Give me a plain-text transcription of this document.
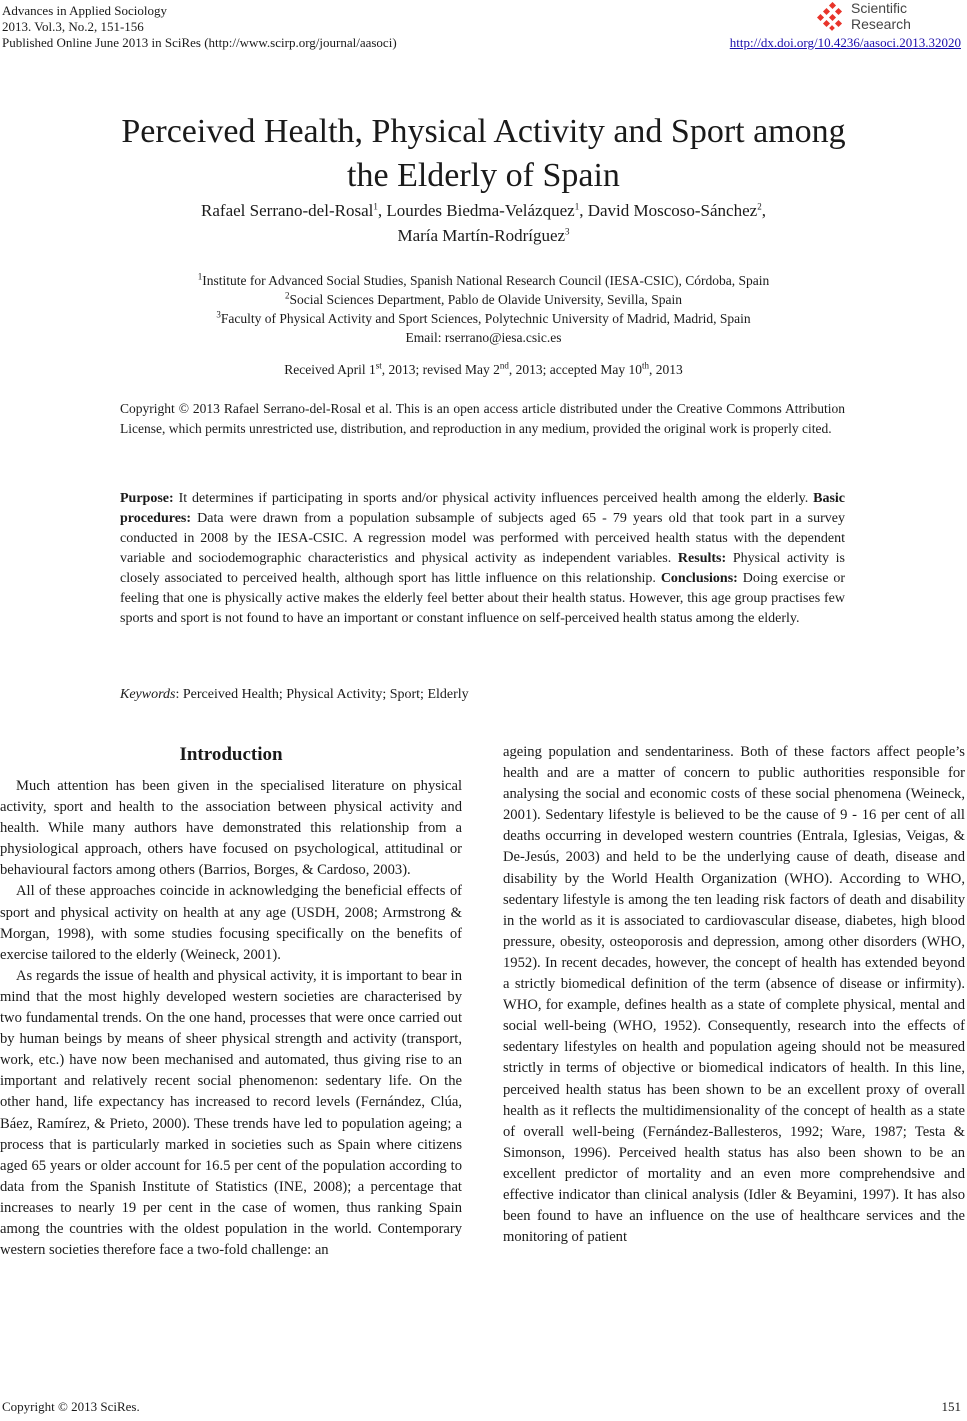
Advances in Applied Sociology
2013. Vol.3, No.2, 151-156
Published Online June 2013 in SciRes (http://www.scirp.org/journal/aasoci)	http://dx.doi.org/10.4236/aasoci.2013.32020
Scientific
Research
Perceived Health, Physical Activity and Sport among
the Elderly of Spain
Rafael Serrano-del-Rosal$^1$, Lourdes Biedma-Velázquez$^1$, David Moscoso-Sánchez$^2$,
María Martín-Rodríguez$^3$
$^1$Institute for Advanced Social Studies, Spanish National Research Council (IESA-CSIC), Córdoba, Spain
$^2$Social Sciences Department, Pablo de Olavide University, Sevilla, Spain
$^3$Faculty of Physical Activity and Sport Sciences, Polytechnic University of Madrid, Madrid, Spain
Email: rserrano@iesa.csic.es
Received April 1st, 2013; revised May 2nd, 2013; accepted May 10th, 2013
Copyright © 2013 Rafael Serrano-del-Rosal et al. This is an open access article distributed under the Creative Commons Attribution License, which permits unrestricted use, distribution, and reproduction in any medium, provided the original work is properly cited.
Purpose: It determines if participating in sports and/or physical activity influences perceived health among the elderly. Basic procedures: Data were drawn from a population subsample of subjects aged 65 - 79 years old that took part in a survey conducted in 2008 by the IESA-CSIC. A regression model was performed with perceived health status with the dependent variable and sociodemographic characteristics and physical activity as independent variables. Results: Physical activity is closely associated to perceived health, although sport has little influence on this relationship. Conclusions: Doing exercise or feeling that one is physically active makes the elderly feel better about their health status. However, this age group practises few sports and sport is not found to have an important or constant influence on self-perceived health status among the elderly.
Keywords: Perceived Health; Physical Activity; Sport; Elderly
Introduction

Much attention has been given in the specialised literature on physical activity, sport and health to the association between physical activity and health. While many authors have demonstrated this relationship from a physiological approach, others have focused on psychological, attitudinal or behavioural factors among others (Barrios, Borges, & Cardoso, 2003).

All of these approaches coincide in acknowledging the beneficial effects of sport and physical activity on health at any age (USDH, 2008; Armstrong & Morgan, 1998), with some studies focusing specifically on the benefits of exercise tailored to the elderly (Weineck, 2001).

As regards the issue of health and physical activity, it is important to bear in mind that the most highly developed western societies are characterised by two fundamental trends. On the one hand, processes that were once carried out by human beings by means of sheer physical strength and activity (transport, work, etc.) have now been mechanised and automated, thus giving rise to an important and relatively recent social phenomenon: sedentary life. On the other hand, life expectancy has increased to record levels (Fernández, Clúa, Báez, Ramírez, & Prieto, 2000). These trends have led to population ageing; a process that is particularly marked in societies such as Spain where citizens aged 65 years or older account for 16.5 per cent of the population according to data from the Spanish Institute of Statistics (INE, 2008); a percentage that increases to nearly 19 per cent in the case of women, thus ranking Spain among the countries with the oldest population in the world. Contemporary western societies therefore face a two-fold challenge: an

ageing population and sendentariness. Both of these factors affect people’s health and are a matter of concern to public authorities responsible for analysing the social and economic costs of these social phenomena (Weineck, 2001). Sedentary lifestyle is believed to be the cause of 9 - 16 per cent of all deaths occurring in developed western countries (Entrala, Iglesias, Veigas, & De-Jesús, 2003) and held to be the underlying cause of death, disease and disability by the World Health Organization (WHO). According to WHO, sedentary lifestyle is among the ten leading risk factors of death and disability in the world as it is associated to cardiovascular disease, diabetes, high blood pressure, obesity, osteoporosis and depression, among other disorders (WHO, 1952). In recent decades, however, the concept of health has extended beyond a strictly biomedical definition of the term (absence of disease or infirmity). WHO, for example, defines health as a state of complete physical, mental and social well-being (WHO, 1952). Consequently, research into the effects of sedentary lifestyles on health and population ageing should not be measured strictly in terms of objective or biomedical indicators of health. In this line, perceived health status has been shown to be an excellent proxy of overall health as it reflects the multidimensionality of the concept of health as a state of overall well-being (Fernández-Ballesteros, 1992; Ware, 1987; Testa & Simonson, 1996). Perceived health status has also been shown to be an excellent predictor of mortality and an even more comprehendsive and effective indicator than clinical analysis (Idler & Beyamini, 1997). It has also been found to have an influence on the use of healthcare services and the monitoring of patient

Copyright © 2013 SciRes.	151
